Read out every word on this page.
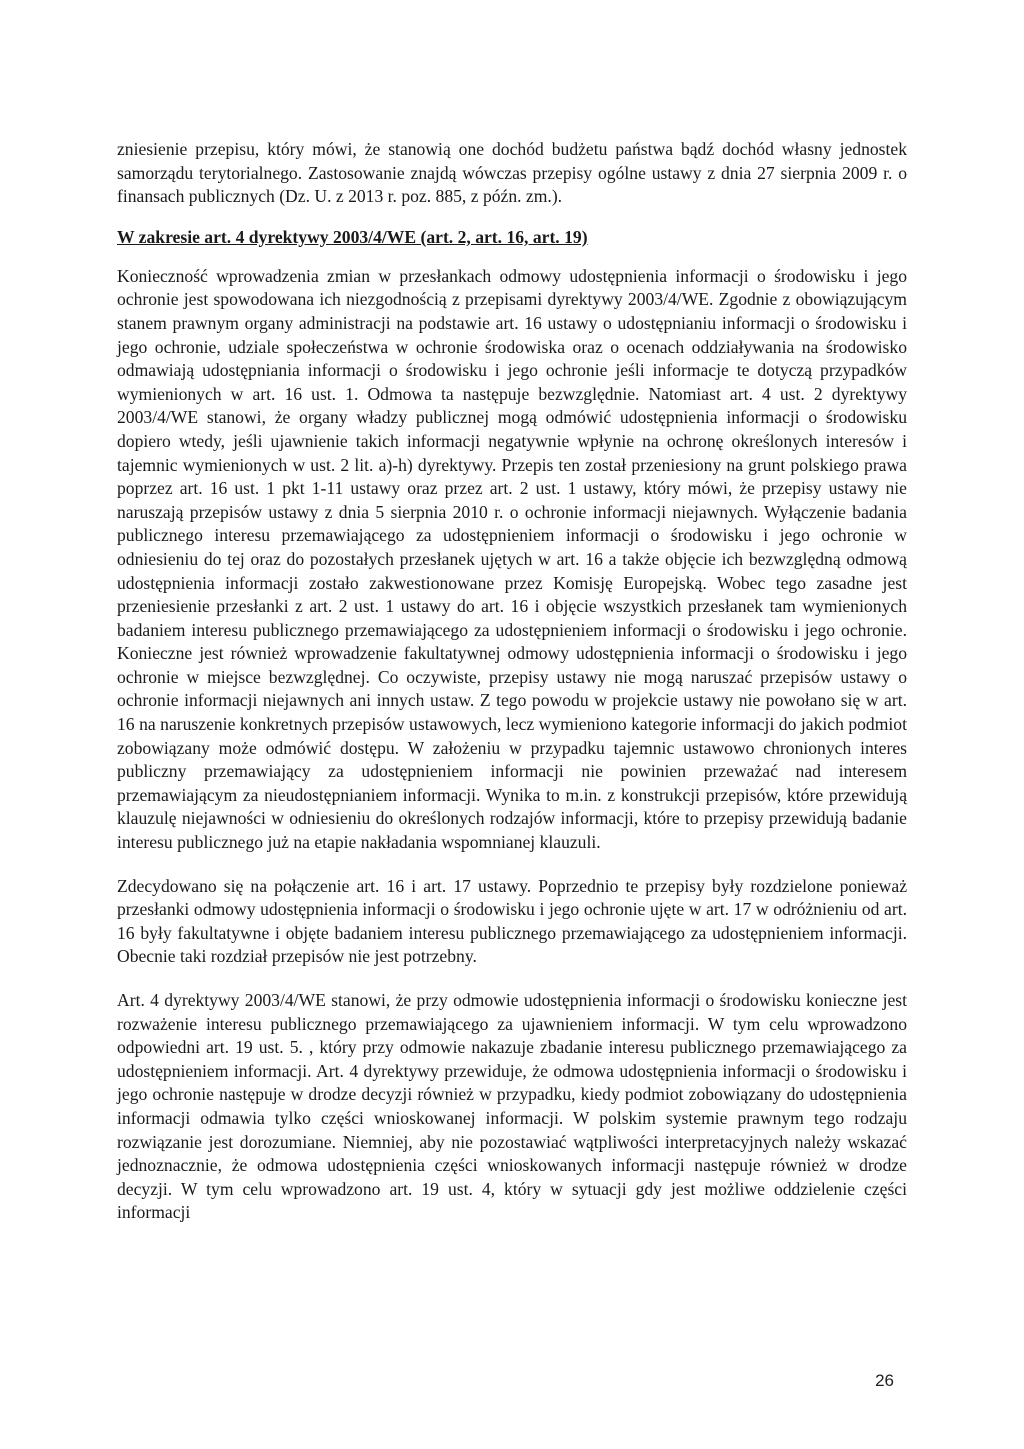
zniesienie przepisu, który mówi, że stanowią one dochód budżetu państwa bądź dochód własny jednostek samorządu terytorialnego. Zastosowanie znajdą wówczas przepisy ogólne ustawy z dnia 27 sierpnia 2009 r. o finansach publicznych (Dz. U. z 2013 r. poz. 885, z późn. zm.).

W zakresie art. 4 dyrektywy 2003/4/WE (art. 2, art. 16, art. 19)

Konieczność wprowadzenia zmian w przesłankach odmowy udostępnienia informacji o środowisku i jego ochronie jest spowodowana ich niezgodnością z przepisami dyrektywy 2003/4/WE. Zgodnie z obowiązującym stanem prawnym organy administracji na podstawie art. 16 ustawy o udostępnianiu informacji o środowisku i jego ochronie, udziale społeczeństwa w ochronie środowiska oraz o ocenach oddziaływania na środowisko odmawiają udostępniania informacji o środowisku i jego ochronie jeśli informacje te dotyczą przypadków wymienionych w art. 16 ust. 1. Odmowa ta następuje bezwzględnie. Natomiast art. 4 ust. 2 dyrektywy 2003/4/WE stanowi, że organy władzy publicznej mogą odmówić udostępnienia informacji o środowisku dopiero wtedy, jeśli ujawnienie takich informacji negatywnie wpłynie na ochronę określonych interesów i tajemnic wymienionych w ust. 2 lit. a)-h) dyrektywy. Przepis ten został przeniesiony na grunt polskiego prawa poprzez art. 16 ust. 1 pkt 1-11 ustawy oraz przez art. 2 ust. 1 ustawy, który mówi, że przepisy ustawy nie naruszają przepisów ustawy z dnia 5 sierpnia 2010 r. o ochronie informacji niejawnych. Wyłączenie badania publicznego interesu przemawiającego za udostępnieniem informacji o środowisku i jego ochronie w odniesieniu do tej oraz do pozostałych przesłanek ujętych w art. 16 a także objęcie ich bezwzględną odmową udostępnienia informacji zostało zakwestionowane przez Komisję Europejską. Wobec tego zasadne jest przeniesienie przesłanki z art. 2 ust. 1 ustawy do art. 16 i objęcie wszystkich przesłanek tam wymienionych badaniem interesu publicznego przemawiającego za udostępnieniem informacji o środowisku i jego ochronie. Konieczne jest również wprowadzenie fakultatywnej odmowy udostępnienia informacji o środowisku i jego ochronie w miejsce bezwzględnej. Co oczywiste, przepisy ustawy nie mogą naruszać przepisów ustawy o ochronie informacji niejawnych ani innych ustaw. Z tego powodu w projekcie ustawy nie powołano się w art. 16 na naruszenie konkretnych przepisów ustawowych, lecz wymieniono kategorie informacji do jakich podmiot zobowiązany może odmówić dostępu. W założeniu w przypadku tajemnic ustawowo chronionych interes publiczny przemawiający za udostępnieniem informacji nie powinien przeważać nad interesem przemawiającym za nieudostępnianiem informacji. Wynika to m.in. z konstrukcji przepisów, które przewidują klauzulę niejawności w odniesieniu do określonych rodzajów informacji, które to przepisy przewidują badanie interesu publicznego już na etapie nakładania wspomnianej klauzuli.

Zdecydowano się na połączenie art. 16 i art. 17 ustawy. Poprzednio te przepisy były rozdzielone ponieważ przesłanki odmowy udostępnienia informacji o środowisku i jego ochronie ujęte w art. 17 w odróżnieniu od art. 16 były fakultatywne i objęte badaniem interesu publicznego przemawiającego za udostępnieniem informacji. Obecnie taki rozdział przepisów nie jest potrzebny.

Art. 4 dyrektywy 2003/4/WE stanowi, że przy odmowie udostępnienia informacji o środowisku konieczne jest rozważenie interesu publicznego przemawiającego za ujawnieniem informacji. W tym celu wprowadzono odpowiedni art. 19 ust. 5. , który przy odmowie nakazuje zbadanie interesu publicznego przemawiającego za udostępnieniem informacji. Art. 4 dyrektywy przewiduje, że odmowa udostępnienia informacji o środowisku i jego ochronie następuje w drodze decyzji również w przypadku, kiedy podmiot zobowiązany do udostępnienia informacji odmawia tylko części wnioskowanej informacji. W polskim systemie prawnym tego rodzaju rozwiązanie jest dorozumiane. Niemniej, aby nie pozostawiać wątpliwości interpretacyjnych należy wskazać jednoznacznie, że odmowa udostępnienia części wnioskowanych informacji następuje również w drodze decyzji. W tym celu wprowadzono art. 19 ust. 4, który w sytuacji gdy jest możliwe oddzielenie części informacji

26
